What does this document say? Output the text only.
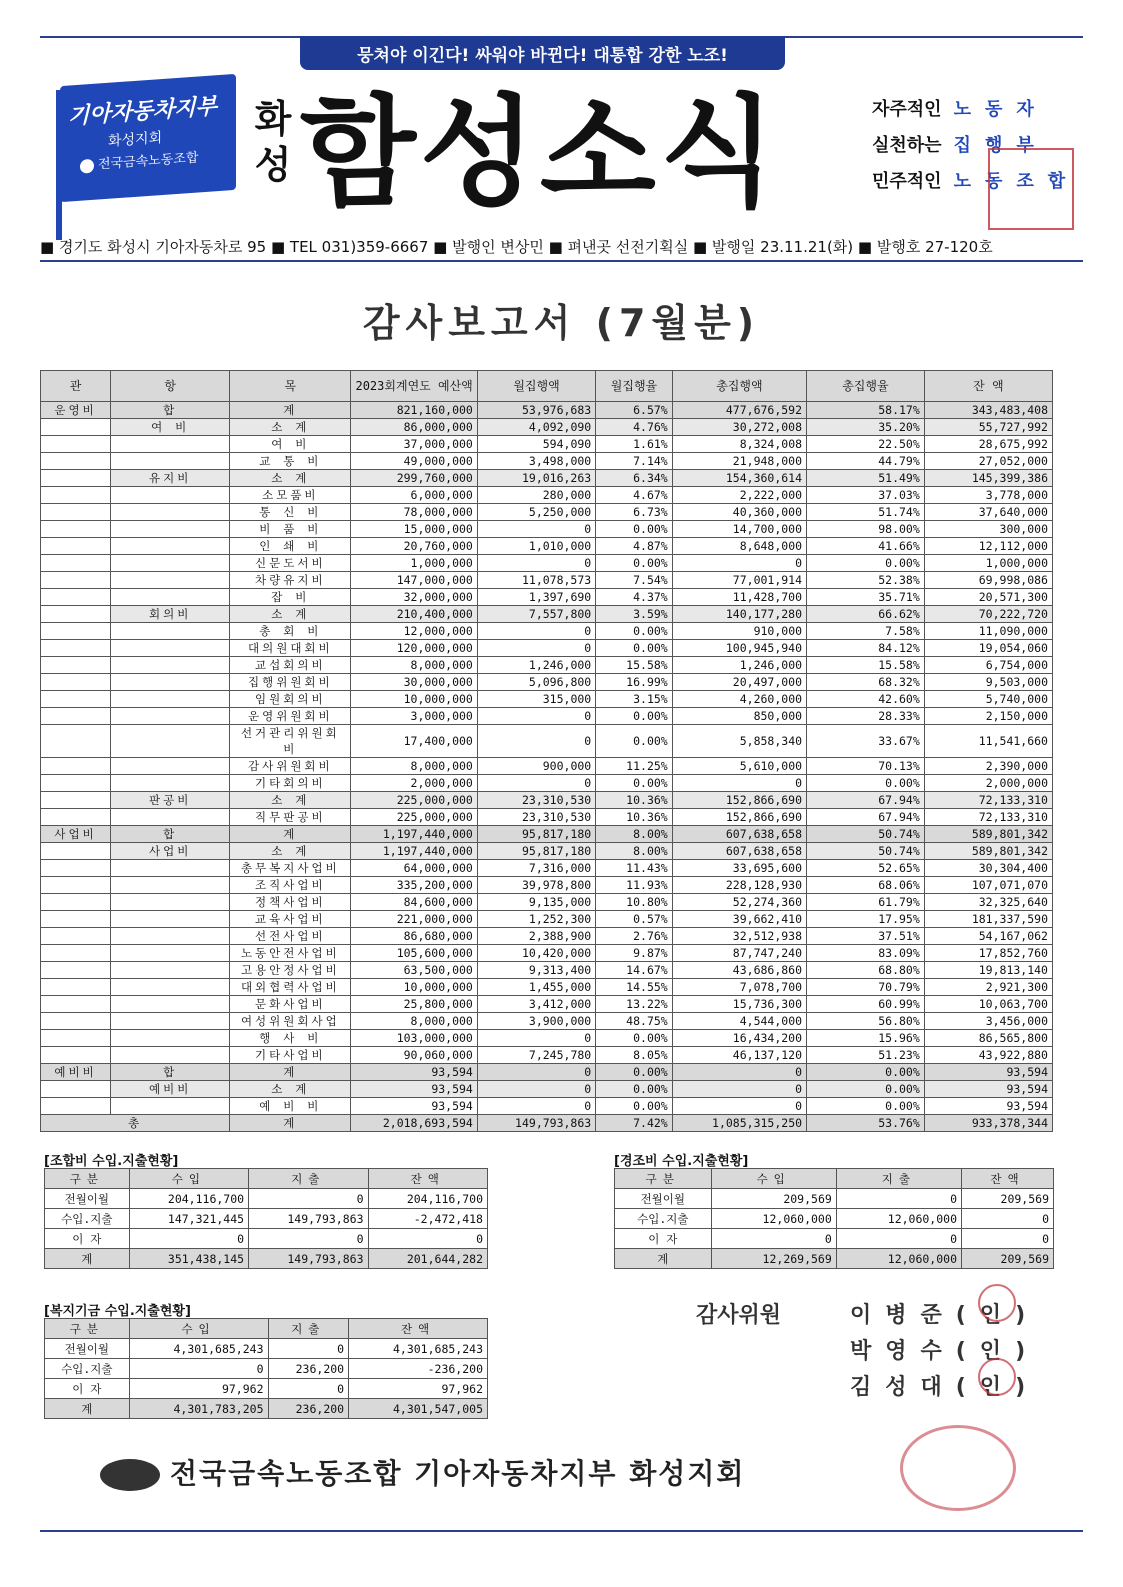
뭉쳐야 이긴다! 싸워야 바뀐다! 대통합 강한 노조!
기아자동차지부
화성지회
전국금속노동조합
화
성 함성소식	자주적인 노동자
실천하는 집행부
민주적인 노동조합
■ 경기도 화성시 기아자동차로 95 ■ TEL 031)359-6667 ■ 발행인 변상민 ■ 펴낸곳 선전기획실 ■ 발행일 23.11.21(화) ■ 발행호 27-120호
감사보고서 (7월분)
관	항	목	2023회계연도 예산액	월집행액	월집행율	총집행액	총집행율	잔 액
운영비	합	계	821,160,000	53,976,683	6.57%	477,676,592	58.17%	343,483,408
	여 비	소 계	86,000,000	4,092,090	4.76%	30,272,008	35.20%	55,727,992
		여 비	37,000,000	594,090	1.61%	8,324,008	22.50%	28,675,992
		교 통 비	49,000,000	3,498,000	7.14%	21,948,000	44.79%	27,052,000
	유지비	소 계	299,760,000	19,016,263	6.34%	154,360,614	51.49%	145,399,386
		소모품비	6,000,000	280,000	4.67%	2,222,000	37.03%	3,778,000
		통 신 비	78,000,000	5,250,000	6.73%	40,360,000	51.74%	37,640,000
		비 품 비	15,000,000	0	0.00%	14,700,000	98.00%	300,000
		인 쇄 비	20,760,000	1,010,000	4.87%	8,648,000	41.66%	12,112,000
		신문도서비	1,000,000	0	0.00%	0	0.00%	1,000,000
		차량유지비	147,000,000	11,078,573	7.54%	77,001,914	52.38%	69,998,086
		잡 비	32,000,000	1,397,690	4.37%	11,428,700	35.71%	20,571,300
	회의비	소 계	210,400,000	7,557,800	3.59%	140,177,280	66.62%	70,222,720
		총 회 비	12,000,000	0	0.00%	910,000	7.58%	11,090,000
		대의원대회비	120,000,000	0	0.00%	100,945,940	84.12%	19,054,060
		교섭회의비	8,000,000	1,246,000	15.58%	1,246,000	15.58%	6,754,000
		집행위원회비	30,000,000	5,096,800	16.99%	20,497,000	68.32%	9,503,000
		임원회의비	10,000,000	315,000	3.15%	4,260,000	42.60%	5,740,000
		운영위원회비	3,000,000	0	0.00%	850,000	28.33%	2,150,000
		선거관리위원회비	17,400,000	0	0.00%	5,858,340	33.67%	11,541,660
		감사위원회비	8,000,000	900,000	11.25%	5,610,000	70.13%	2,390,000
		기타회의비	2,000,000	0	0.00%	0	0.00%	2,000,000
	판공비	소 계	225,000,000	23,310,530	10.36%	152,866,690	67.94%	72,133,310
		직무판공비	225,000,000	23,310,530	10.36%	152,866,690	67.94%	72,133,310
사업비	합	계	1,197,440,000	95,817,180	8.00%	607,638,658	50.74%	589,801,342
	사업비	소 계	1,197,440,000	95,817,180	8.00%	607,638,658	50.74%	589,801,342
		총무복지사업비	64,000,000	7,316,000	11.43%	33,695,600	52.65%	30,304,400
		조직사업비	335,200,000	39,978,800	11.93%	228,128,930	68.06%	107,071,070
		정책사업비	84,600,000	9,135,000	10.80%	52,274,360	61.79%	32,325,640
		교육사업비	221,000,000	1,252,300	0.57%	39,662,410	17.95%	181,337,590
		선전사업비	86,680,000	2,388,900	2.76%	32,512,938	37.51%	54,167,062
		노동안전사업비	105,600,000	10,420,000	9.87%	87,747,240	83.09%	17,852,760
		고용안정사업비	63,500,000	9,313,400	14.67%	43,686,860	68.80%	19,813,140
		대외협력사업비	10,000,000	1,455,000	14.55%	7,078,700	70.79%	2,921,300
		문화사업비	25,800,000	3,412,000	13.22%	15,736,300	60.99%	10,063,700
		여성위원회사업	8,000,000	3,900,000	48.75%	4,544,000	56.80%	3,456,000
		행 사 비	103,000,000	0	0.00%	16,434,200	15.96%	86,565,800
		기타사업비	90,060,000	7,245,780	8.05%	46,137,120	51.23%	43,922,880
예비비	합	계	93,594	0	0.00%	0	0.00%	93,594
	예비비	소 계	93,594	0	0.00%	0	0.00%	93,594
		예 비 비	93,594	0	0.00%	0	0.00%	93,594
총		계	2,018,693,594	149,793,863	7.42%	1,085,315,250	53.76%	933,378,344
[조합비 수입.지출현황]
구분	수입	지출	잔액
전월이월	204,116,700	0	204,116,700
수입.지출	147,321,445	149,793,863	-2,472,418
이 자	0	0	0
계	351,438,145	149,793,863	201,644,282
[경조비 수입.지출현황]
구분	수입	지출	잔액
전월이월	209,569	0	209,569
수입.지출	12,060,000	12,060,000	0
이 자	0	0	0
계	12,269,569	12,060,000	209,569
[복지기금 수입.지출현황]
구분	수입	지출	잔액
전월이월	4,301,685,243	0	4,301,685,243
수입.지출	0	236,200	-236,200
이 자	97,962	0	97,962
계	4,301,783,205	236,200	4,301,547,005
감사위원	이병준(인)
박영수(인)
김성대(인)
전국금속노동조합 기아자동차지부 화성지회
